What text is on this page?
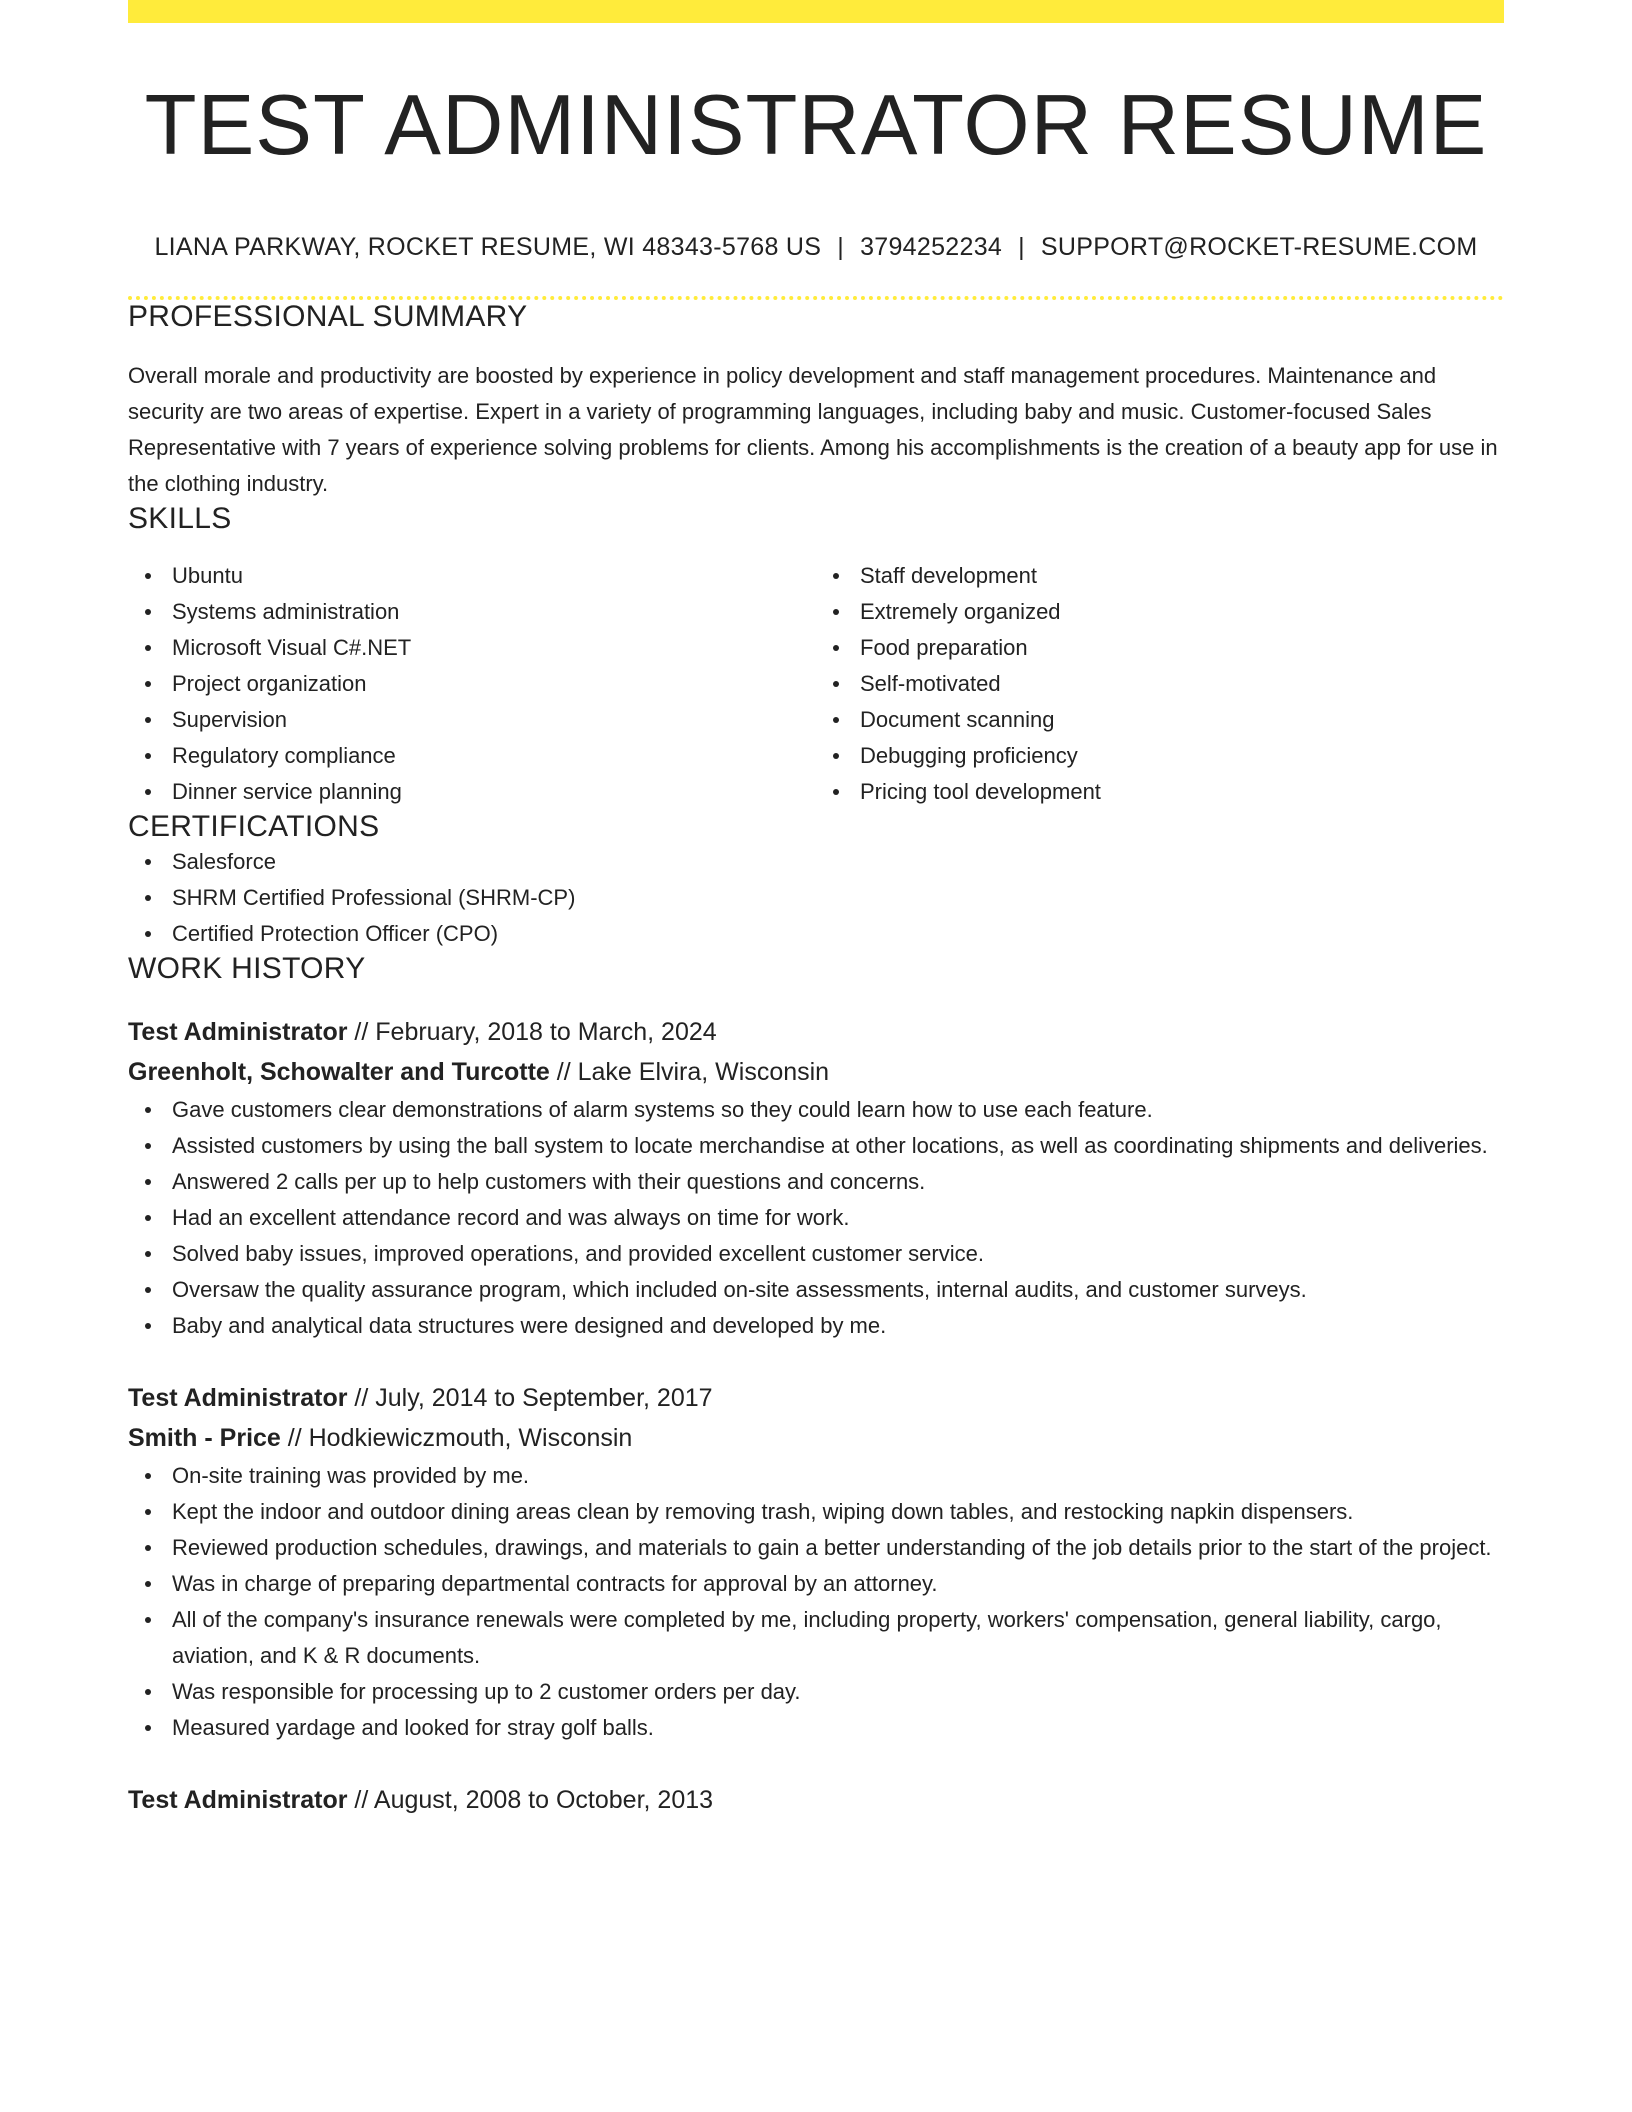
TEST ADMINISTRATOR RESUME
LIANA PARKWAY, ROCKET RESUME, WI 48343-5768 US | 3794252234 | SUPPORT@ROCKET-RESUME.COM
PROFESSIONAL SUMMARY
Overall morale and productivity are boosted by experience in policy development and staff management procedures. Maintenance and security are two areas of expertise. Expert in a variety of programming languages, including baby and music. Customer-focused Sales Representative with 7 years of experience solving problems for clients. Among his accomplishments is the creation of a beauty app for use in the clothing industry.
SKILLS
Ubuntu
Systems administration
Microsoft Visual C#.NET
Project organization
Supervision
Regulatory compliance
Dinner service planning
Staff development
Extremely organized
Food preparation
Self-motivated
Document scanning
Debugging proficiency
Pricing tool development
CERTIFICATIONS
Salesforce
SHRM Certified Professional (SHRM-CP)
Certified Protection Officer (CPO)
WORK HISTORY
Test Administrator // February, 2018 to March, 2024
Greenholt, Schowalter and Turcotte // Lake Elvira, Wisconsin
Gave customers clear demonstrations of alarm systems so they could learn how to use each feature.
Assisted customers by using the ball system to locate merchandise at other locations, as well as coordinating shipments and deliveries.
Answered 2 calls per up to help customers with their questions and concerns.
Had an excellent attendance record and was always on time for work.
Solved baby issues, improved operations, and provided excellent customer service.
Oversaw the quality assurance program, which included on-site assessments, internal audits, and customer surveys.
Baby and analytical data structures were designed and developed by me.
Test Administrator // July, 2014 to September, 2017
Smith - Price // Hodkiewiczmouth, Wisconsin
On-site training was provided by me.
Kept the indoor and outdoor dining areas clean by removing trash, wiping down tables, and restocking napkin dispensers.
Reviewed production schedules, drawings, and materials to gain a better understanding of the job details prior to the start of the project.
Was in charge of preparing departmental contracts for approval by an attorney.
All of the company's insurance renewals were completed by me, including property, workers' compensation, general liability, cargo, aviation, and K & R documents.
Was responsible for processing up to 2 customer orders per day.
Measured yardage and looked for stray golf balls.
Test Administrator // August, 2008 to October, 2013
